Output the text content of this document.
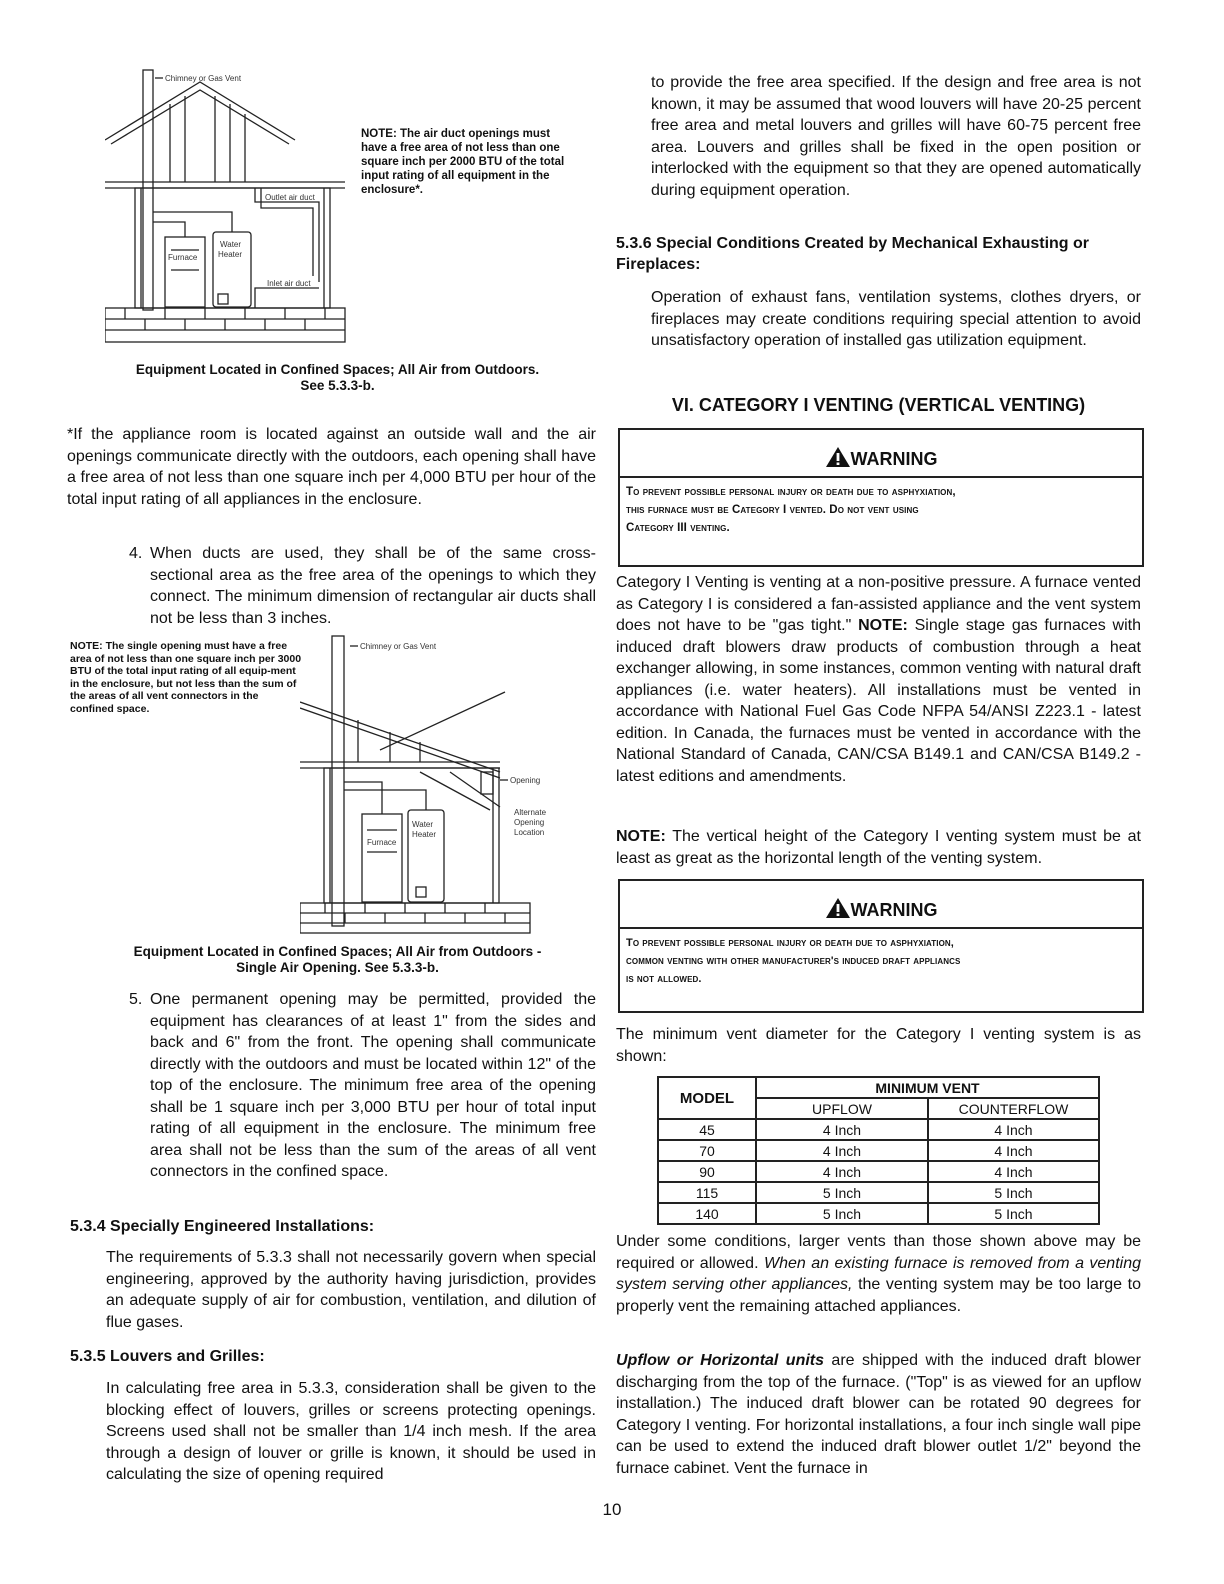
Chimney or Gas Vent
Outlet air duct
Water
Heater
Furnace
Inlet air duct
NOTE: The air duct openings must have a free area of not less than one square inch per 2000 BTU of the total input rating of all equipment in the enclosure*.
Equipment Located in Confined Spaces; All Air from Outdoors.
See 5.3.3-b.
*If the appliance room is located against an outside wall and the air openings communicate directly with the outdoors, each opening shall have a free area of not less than one square inch per 4,000 BTU per hour of the total input rating of all appliances in the enclosure.
4. When ducts are used, they shall be of the same cross-sectional area as the free area of the openings to which they connect. The minimum dimension of rectangular air ducts shall not be less than 3 inches.
NOTE: The single opening must have a free area of not less than one square inch per 3000 BTU of the total input rating of all equip-ment in the enclosure, but not less than the sum of the areas of all vent connectors in the confined space.
Chimney or Gas Vent
Opening
Alternate
Opening
Location
Water
Heater
Furnace
Equipment Located in Confined Spaces; All Air from Outdoors -
Single Air Opening. See 5.3.3-b.
5. One permanent opening may be permitted, provided the equipment has clearances of at least 1" from the sides and back and 6" from the front. The opening shall communicate directly with the outdoors and must be located within 12" of the top of the enclosure. The minimum free area of the opening shall be 1 square inch per 3,000 BTU per hour of total input rating of all equipment in the enclosure. The minimum free area shall not be less than the sum of the areas of all vent connectors in the confined space.
5.3.4 Specially Engineered Installations:
The requirements of 5.3.3 shall not necessarily govern when special engineering, approved by the authority having jurisdiction, provides an adequate supply of air for combustion, ventilation, and dilution of flue gases.
5.3.5 Louvers and Grilles:
In calculating free area in 5.3.3, consideration shall be given to the blocking effect of louvers, grilles or screens protecting openings. Screens used shall not be smaller than 1/4 inch mesh. If the area through a design of louver or grille is known, it should be used in calculating the size of opening required
to provide the free area specified. If the design and free area is not known, it may be assumed that wood louvers will have 20-25 percent free area and metal louvers and grilles will have 60-75 percent free area. Louvers and grilles shall be fixed in the open position or interlocked with the equipment so that they are opened automatically during equipment operation.
5.3.6 Special Conditions Created by Mechanical Exhausting or Fireplaces:
Operation of exhaust fans, ventilation systems, clothes dryers, or fireplaces may create conditions requiring special attention to avoid unsatisfactory operation of installed gas utilization equipment.
VI. CATEGORY I VENTING (VERTICAL VENTING)
WARNING
To prevent possible personal injury or death due to asphyxiation,
this furnace must be Category I vented. Do not vent using
Category III venting.
Category I Venting is venting at a non-positive pressure. A furnace vented as Category I is considered a fan-assisted appliance and the vent system does not have to be "gas tight." NOTE: Single stage gas furnaces with induced draft blowers draw products of combustion through a heat exchanger allowing, in some instances, common venting with natural draft appliances (i.e. water heaters). All installations must be vented in accordance with National Fuel Gas Code NFPA 54/ANSI Z223.1 - latest edition. In Canada, the furnaces must be vented in accordance with the National Standard of Canada, CAN/CSA B149.1 and CAN/CSA B149.2 - latest editions and amendments.
NOTE: The vertical height of the Category I venting system must be at least as great as the horizontal length of the venting system.
WARNING
To prevent possible personal injury or death due to asphyxiation,
common venting with other manufacturer's induced draft appliancs
is not allowed.
The minimum vent diameter for the Category I venting system is as shown:
MODEL	MINIMUM VENT	
	UPFLOW	COUNTERFLOW
45	4 Inch	4 Inch
70	4 Inch	4 Inch
90	4 Inch	4 Inch
115	5 Inch	5 Inch
140	5 Inch	5 Inch
Under some conditions, larger vents than those shown above may be required or allowed. When an existing furnace is removed from a venting system serving other appliances, the venting system may be too large to properly vent the remaining attached appliances.
Upflow or Horizontal units are shipped with the induced draft blower discharging from the top of the furnace. ("Top" is as viewed for an upflow installation.) The induced draft blower can be rotated 90 degrees for Category I venting. For horizontal installations, a four inch single wall pipe can be used to extend the induced draft blower outlet 1/2" beyond the furnace cabinet. Vent the furnace in
10
